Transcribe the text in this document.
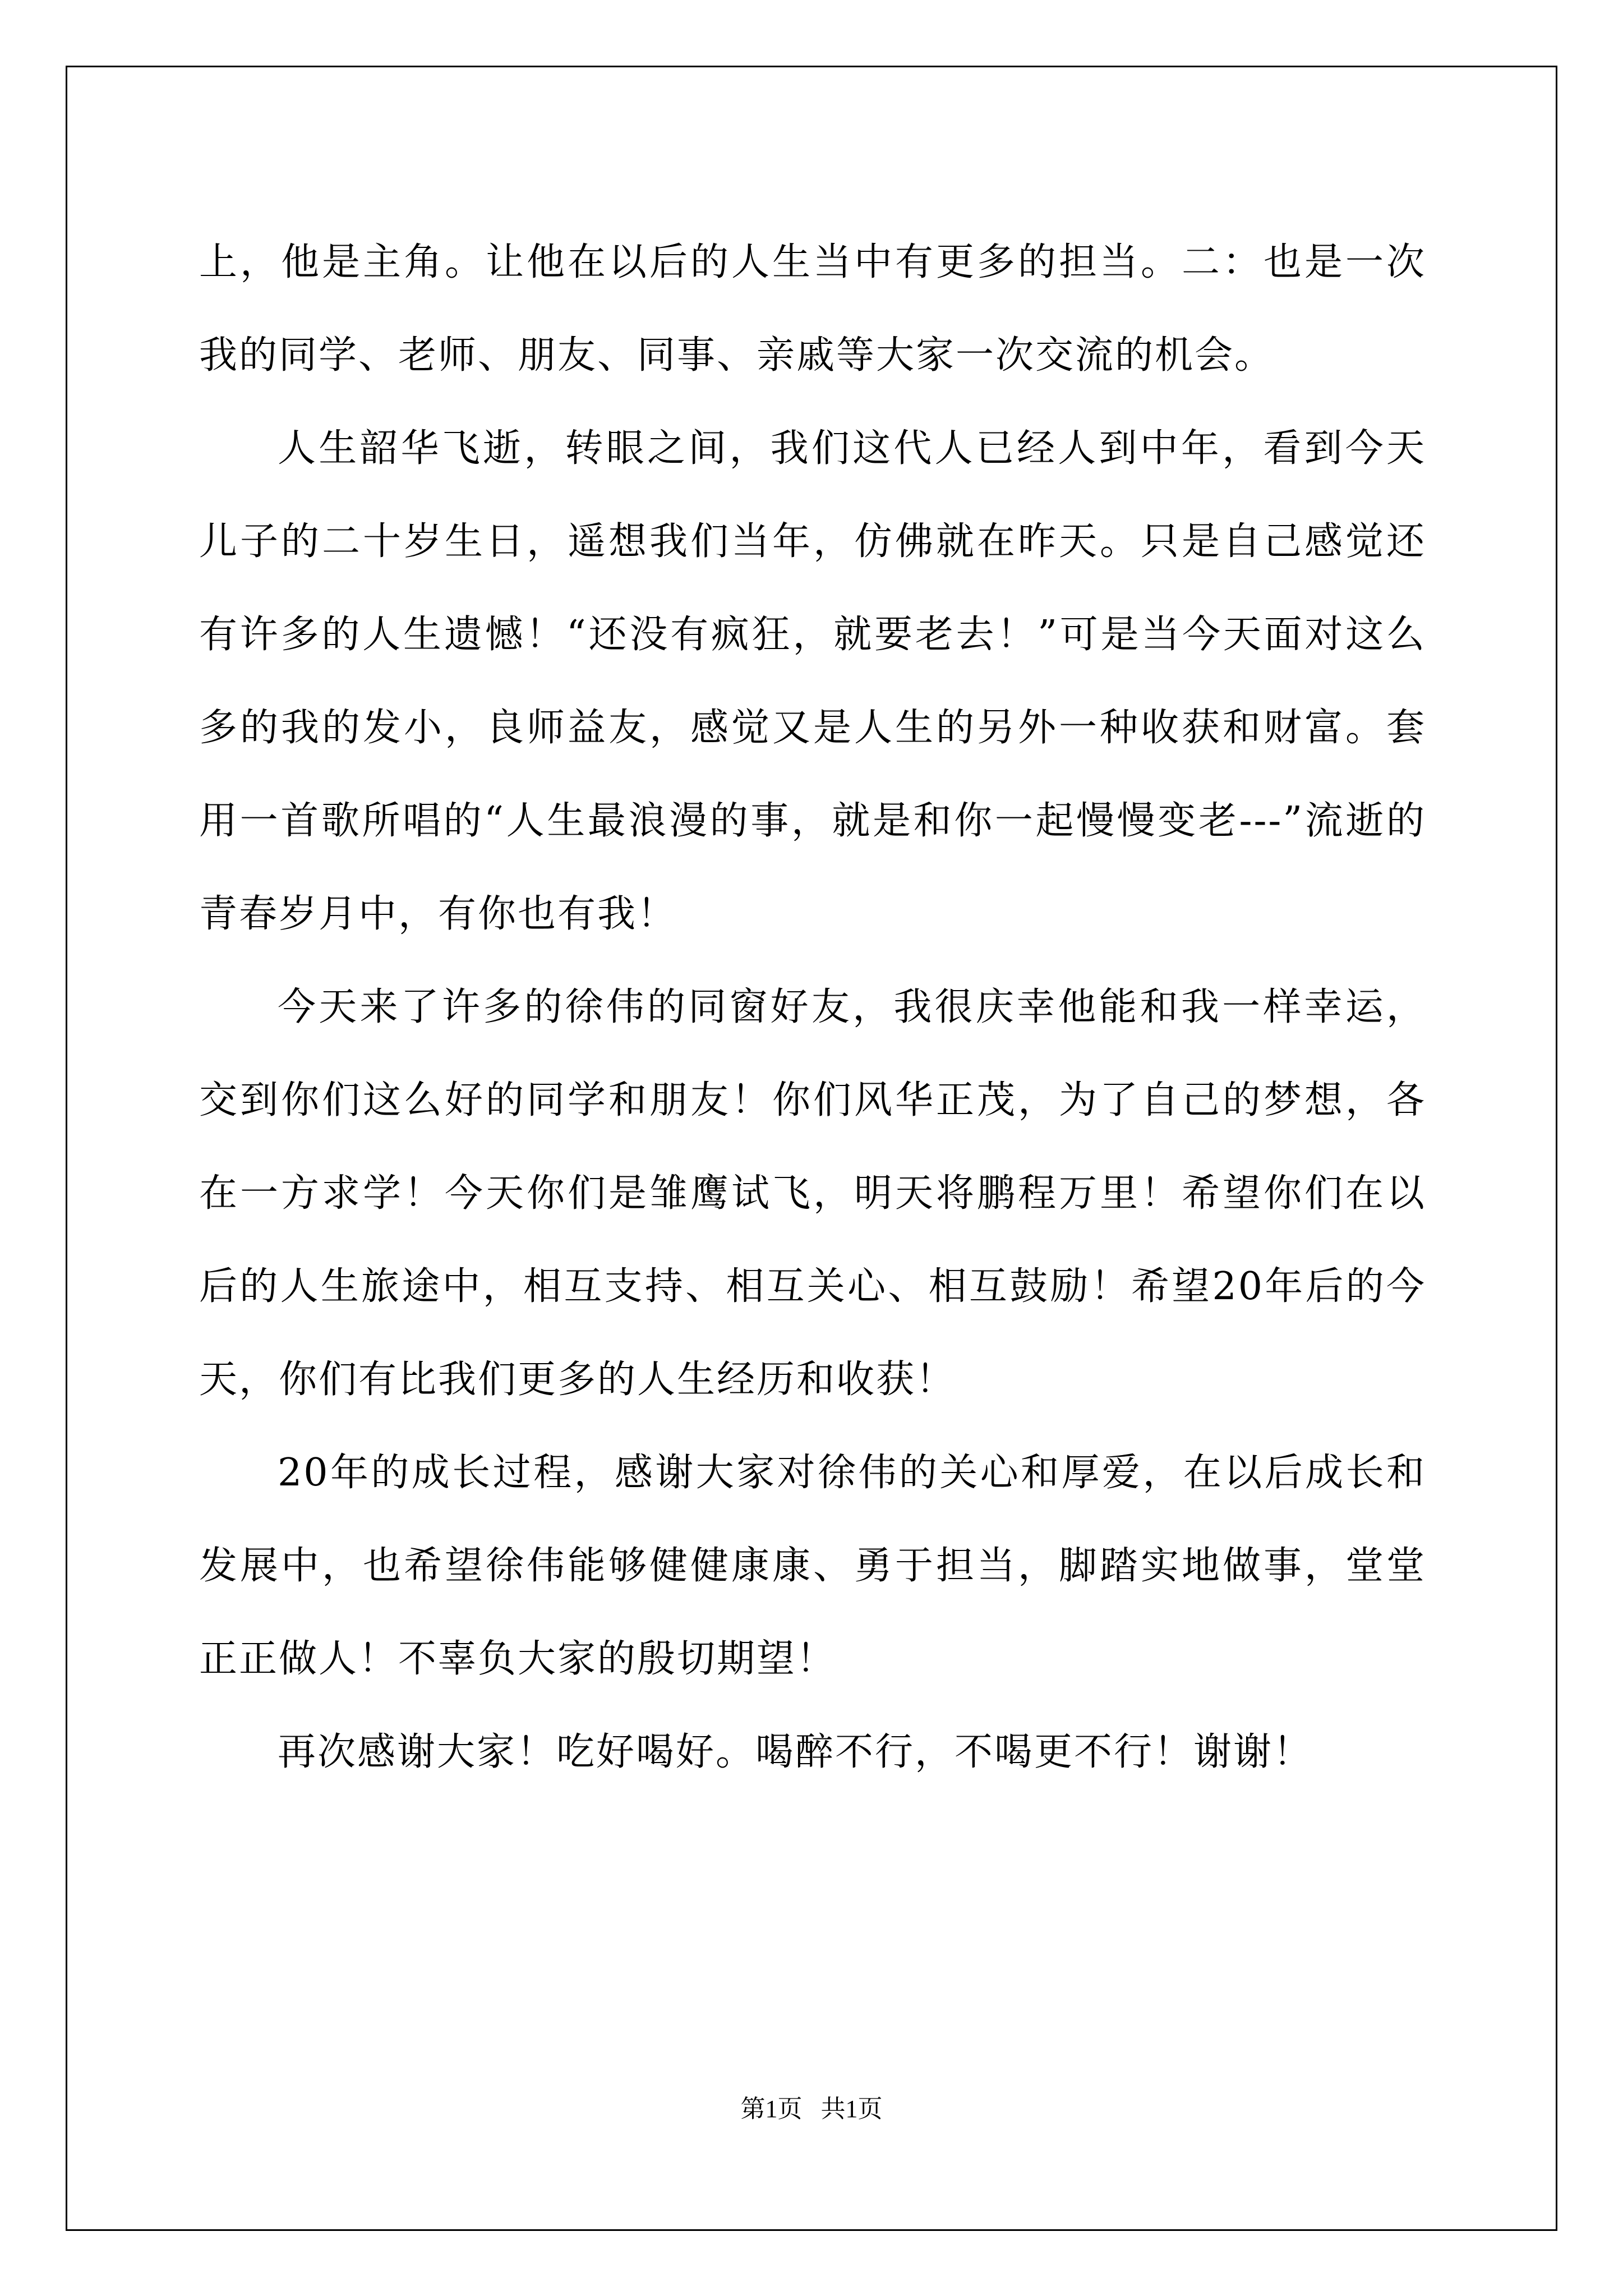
上，他是主角。让他在以后的人生当中有更多的担当。二：也是一次我的同学、老师、朋友、同事、亲戚等大家一次交流的机会。

人生韶华飞逝，转眼之间，我们这代人已经人到中年，看到今天儿子的二十岁生日，遥想我们当年，仿佛就在昨天。只是自己感觉还有许多的人生遗憾！“还没有疯狂，就要老去！”可是当今天面对这么多的我的发小，良师益友，感觉又是人生的另外一种收获和财富。套用一首歌所唱的“人生最浪漫的事，就是和你一起慢慢变老---”流逝的青春岁月中，有你也有我！

今天来了许多的徐伟的同窗好友，我很庆幸他能和我一样幸运，交到你们这么好的同学和朋友！你们风华正茂，为了自己的梦想，各在一方求学！今天你们是雏鹰试飞，明天将鹏程万里！希望你们在以后的人生旅途中，相互支持、相互关心、相互鼓励！希望20年后的今天，你们有比我们更多的人生经历和收获！

20年的成长过程，感谢大家对徐伟的关心和厚爱，在以后成长和发展中，也希望徐伟能够健健康康、勇于担当，脚踏实地做事，堂堂正正做人！不辜负大家的殷切期望！

再次感谢大家！吃好喝好。喝醉不行，不喝更不行！谢谢！

第1页   共1页
